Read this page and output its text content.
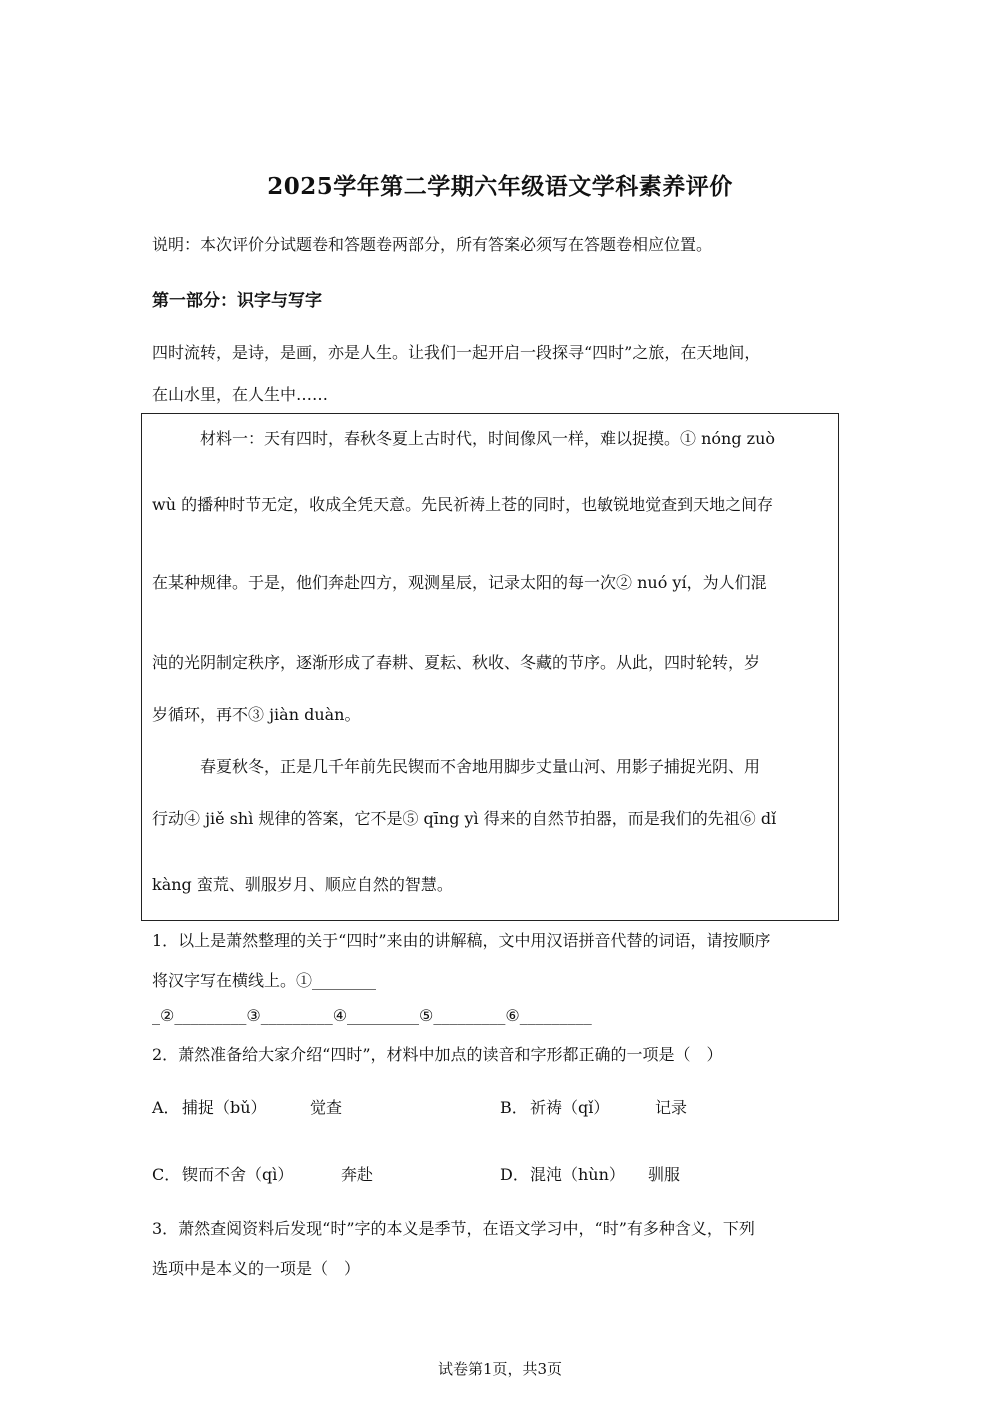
2025学年第二学期六年级语文学科素养评价
说明：本次评价分试题卷和答题卷两部分，所有答案必须写在答题卷相应位置。
第一部分：识字与写字
四时流转，是诗，是画，亦是人生。让我们一起开启一段探寻“四时”之旅，在天地间，
在山水里，在人生中……
材料一：天有四时，春秋冬夏上古时代，时间像风一样，难以捉摸。① nóng zuò
wù 的播种时节无定，收成全凭天意。先民祈祷上苍的同时，也敏锐地觉查到天地之间存
在某种规律。于是，他们奔赴四方，观测星辰，记录太阳的每一次② nuó yí，为人们混
沌的光阴制定秩序，逐渐形成了春耕、夏耘、秋收、冬藏的节序。从此，四时轮转，岁
岁循环，再不③ jiàn duàn。
春夏秋冬，正是几千年前先民锲而不舍地用脚步丈量山河、用影子捕捉光阴、用
行动④ jiě shì 规律的答案，它不是⑤ qīng yì 得来的自然节拍器，而是我们的先祖⑥ dǐ
kàng 蛮荒、驯服岁月、顺应自然的智慧。
1．以上是萧然整理的关于“四时”来由的讲解稿，文中用汉语拼音代替的词语，请按顺序
将汉字写在横线上。①________
_②_________③_________④_________⑤_________⑥_________
2．萧然准备给大家介绍“四时”，材料中加点的读音和字形都正确的一项是（　）
A． 捕捉（bǔ）	觉查	B． 祈祷（qǐ）	记录
C． 锲而不舍（qì）	奔赴	D． 混沌（hùn） 驯服
3．萧然查阅资料后发现“时”字的本义是季节，在语文学习中，“时”有多种含义，下列
选项中是本义的一项是（　）
试卷第1页，共3页
